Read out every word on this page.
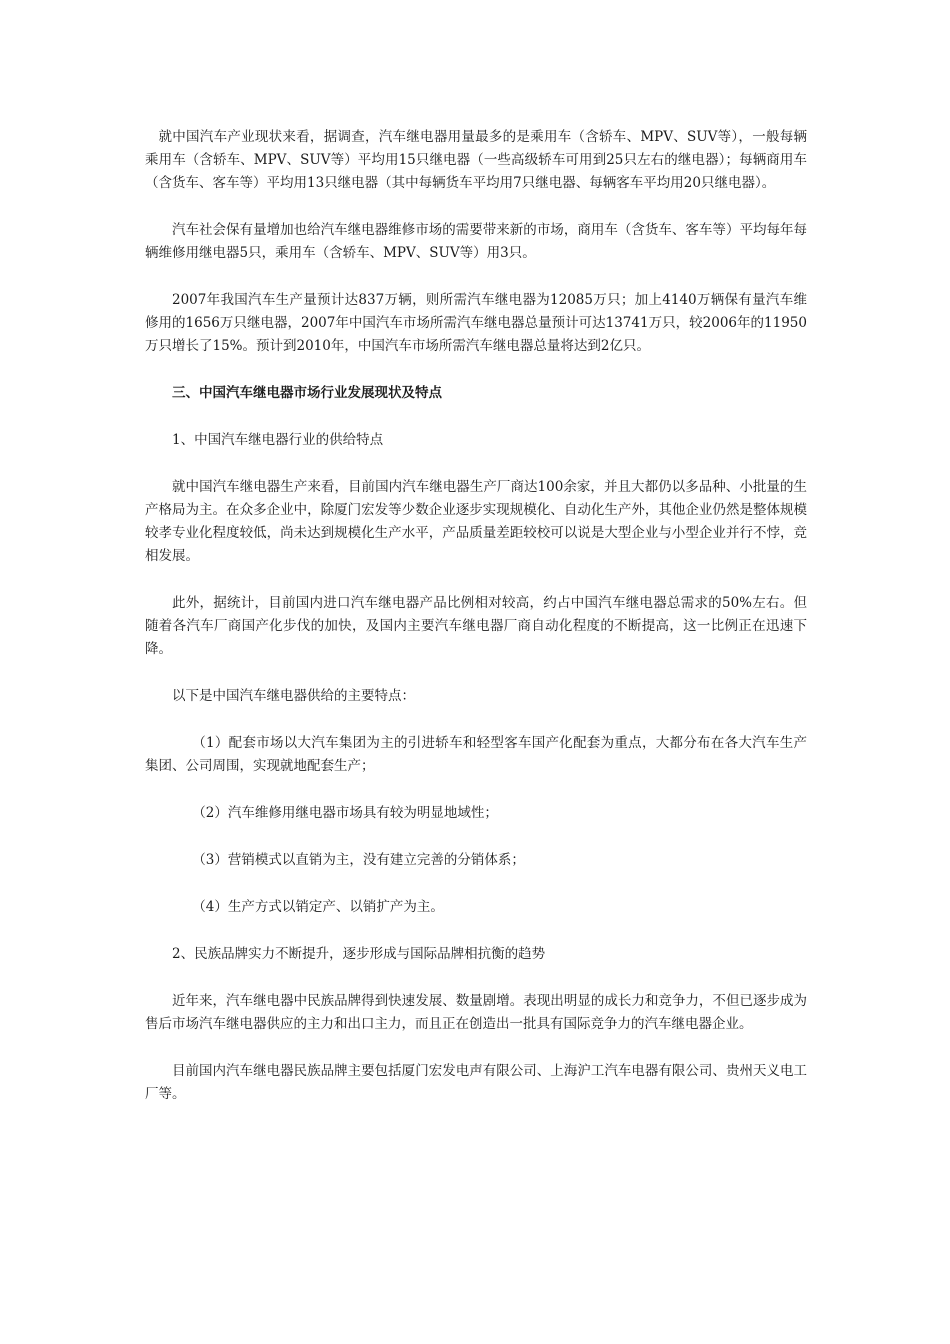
就中国汽车产业现状来看，据调查，汽车继电器用量最多的是乘用车（含轿车、MPV、SUV等），一般每辆乘用车（含轿车、MPV、SUV等）平均用15只继电器（一些高级轿车可用到25只左右的继电器）；每辆商用车（含货车、客车等）平均用13只继电器（其中每辆货车平均用7只继电器、每辆客车平均用20只继电器）。

汽车社会保有量增加也给汽车继电器维修市场的需要带来新的市场，商用车（含货车、客车等）平均每年每辆维修用继电器5只，乘用车（含轿车、MPV、SUV等）用3只。

2007年我国汽车生产量预计达837万辆，则所需汽车继电器为12085万只；加上4140万辆保有量汽车维修用的1656万只继电器，2007年中国汽车市场所需汽车继电器总量预计可达13741万只，较2006年的11950万只增长了15%。预计到2010年，中国汽车市场所需汽车继电器总量将达到2亿只。

三、中国汽车继电器市场行业发展现状及特点

1、中国汽车继电器行业的供给特点

就中国汽车继电器生产来看，目前国内汽车继电器生产厂商达100余家，并且大都仍以多品种、小批量的生产格局为主。在众多企业中，除厦门宏发等少数企业逐步实现规模化、自动化生产外，其他企业仍然是整体规模较孝专业化程度较低，尚未达到规模化生产水平，产品质量差距较校可以说是大型企业与小型企业并行不悖，竞相发展。

此外，据统计，目前国内进口汽车继电器产品比例相对较高，约占中国汽车继电器总需求的50%左右。但随着各汽车厂商国产化步伐的加快，及国内主要汽车继电器厂商自动化程度的不断提高，这一比例正在迅速下降。

以下是中国汽车继电器供给的主要特点：

（1）配套市场以大汽车集团为主的引进轿车和轻型客车国产化配套为重点，大都分布在各大汽车生产集团、公司周围，实现就地配套生产；

（2）汽车维修用继电器市场具有较为明显地域性；

（3）营销模式以直销为主，没有建立完善的分销体系；

（4）生产方式以销定产、以销扩产为主。

2、民族品牌实力不断提升，逐步形成与国际品牌相抗衡的趋势

近年来，汽车继电器中民族品牌得到快速发展、数量剧增。表现出明显的成长力和竞争力，不但已逐步成为售后市场汽车继电器供应的主力和出口主力，而且正在创造出一批具有国际竞争力的汽车继电器企业。

目前国内汽车继电器民族品牌主要包括厦门宏发电声有限公司、上海沪工汽车电器有限公司、贵州天义电工厂等。
